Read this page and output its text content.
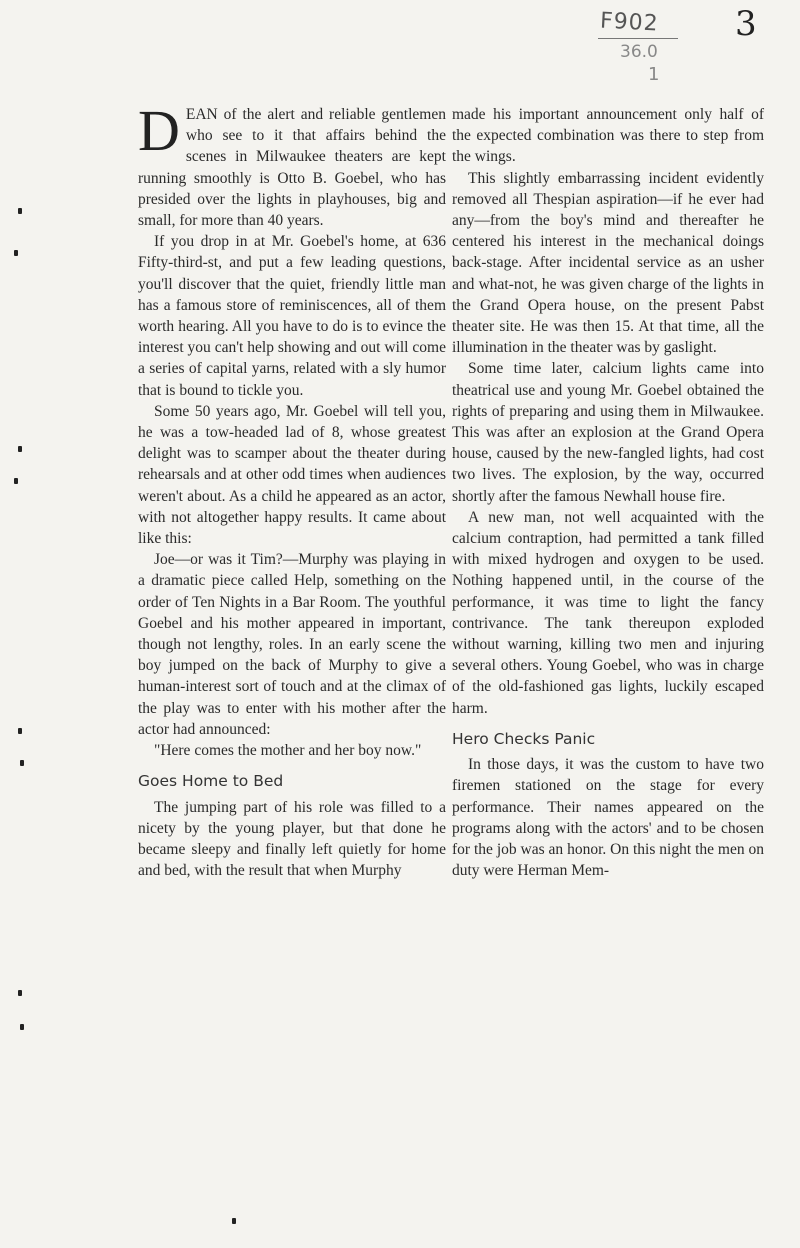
3
F902
36.0
1

DEAN of the alert and reliable gentlemen who see to it that affairs behind the scenes in Milwaukee theaters are kept running smoothly is Otto B. Goebel, who has presided over the lights in playhouses, big and small, for more than 40 years.

If you drop in at Mr. Goebel's home, at 636 Fifty-third-st, and put a few leading questions, you'll discover that the quiet, friendly little man has a famous store of reminiscences, all of them worth hearing. All you have to do is to evince the interest you can't help showing and out will come a series of capital yarns, related with a sly humor that is bound to tickle you.

Some 50 years ago, Mr. Goebel will tell you, he was a tow-headed lad of 8, whose greatest delight was to scamper about the theater during rehearsals and at other odd times when audiences weren't about. As a child he appeared as an actor, with not altogether happy results. It came about like this:

Joe—or was it Tim?—Murphy was playing in a dramatic piece called Help, something on the order of Ten Nights in a Bar Room. The youthful Goebel and his mother appeared in important, though not lengthy, roles. In an early scene the boy jumped on the back of Murphy to give a human-interest sort of touch and at the climax of the play was to enter with his mother after the actor had announced:

"Here comes the mother and her boy now."

Goes Home to Bed

The jumping part of his role was filled to a nicety by the young player, but that done he became sleepy and finally left quietly for home and bed, with the result that when Murphy

made his important announcement only half of the expected combination was there to step from the wings.

This slightly embarrassing incident evidently removed all Thespian aspiration—if he ever had any—from the boy's mind and thereafter he centered his interest in the mechanical doings back-stage. After incidental service as an usher and what-not, he was given charge of the lights in the Grand Opera house, on the present Pabst theater site. He was then 15. At that time, all the illumination in the theater was by gaslight.

Some time later, calcium lights came into theatrical use and young Mr. Goebel obtained the rights of preparing and using them in Milwaukee. This was after an explosion at the Grand Opera house, caused by the new-fangled lights, had cost two lives. The explosion, by the way, occurred shortly after the famous Newhall house fire.

A new man, not well acquainted with the calcium contraption, had permitted a tank filled with mixed hydrogen and oxygen to be used. Nothing happened until, in the course of the performance, it was time to light the fancy contrivance. The tank thereupon exploded without warning, killing two men and injuring several others. Young Goebel, who was in charge of the old-fashioned gas lights, luckily escaped harm.

Hero Checks Panic

In those days, it was the custom to have two firemen stationed on the stage for every performance. Their names appeared on the programs along with the actors' and to be chosen for the job was an honor. On this night the men on duty were Herman Mem-
